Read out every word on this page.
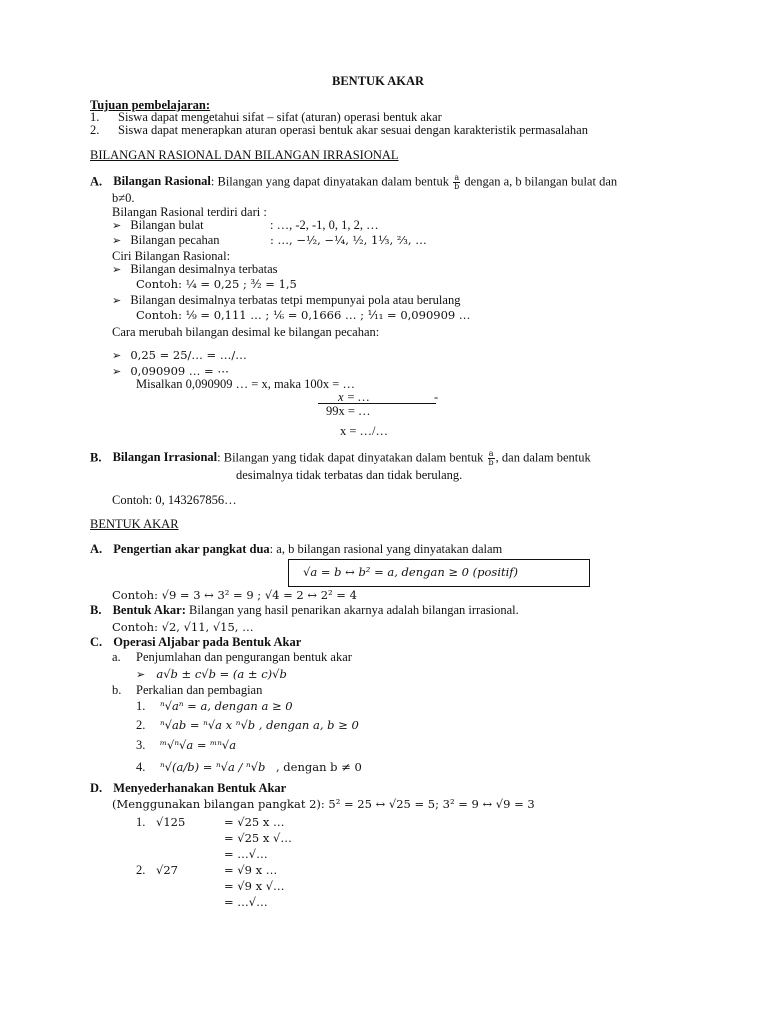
BENTUK AKAR
Tujuan pembelajaran:
1. Siswa dapat mengetahui sifat – sifat (aturan) operasi bentuk akar
2. Siswa dapat menerapkan aturan operasi bentuk akar sesuai dengan karakteristik permasalahan
BILANGAN RASIONAL DAN BILANGAN IRRASIONAL
A. Bilangan Rasional: Bilangan yang dapat dinyatakan dalam bentuk $\frac{a}{b}$ dengan a, b bilangan bulat dan
b≠0.
Bilangan Rasional terdiri dari :
➢ Bilangan bulat	: …, -2, -1, 0, 1, 2, …
➢ Bilangan pecahan	: …, −½, −¼, ½, 1⅓, ⅔, …
Ciri Bilangan Rasional:
➢ Bilangan desimalnya terbatas
Contoh: ¼ = 0,25 ; ³⁄₂ = 1,5
➢ Bilangan desimalnya terbatas tetpi mempunyai pola atau berulang
Contoh: ⅑ = 0,111 … ; ⅙ = 0,1666 … ; ¹⁄₁₁ = 0,090909 …
Cara merubah bilangan desimal ke bilangan pecahan:
➢ 0,25 = 25/… = …/…
➢ 0,090909 … = ⋯
Misalkan 0,090909 … = x, maka 100x = …
x = …	-
99x = …
x = …/…
B. Bilangan Irrasional: Bilangan yang tidak dapat dinyatakan dalam bentuk $\frac{a}{b}$ , dan dalam bentuk
desimalnya tidak terbatas dan tidak berulang.
Contoh: 0, 143267856…
BENTUK AKAR
A. Pengertian akar pangkat dua: a, b bilangan rasional yang dinyatakan dalam
√a = b ↔ b² = a, dengan ≥ 0 (positif)
Contoh: √9 = 3 ↔ 3² = 9 ; √4 = 2 ↔ 2² = 4
B. Bentuk Akar: Bilangan yang hasil penarikan akarnya adalah bilangan irrasional.
Contoh: √2, √11, √15, …
C. Operasi Aljabar pada Bentuk Akar
a. Penjumlahan dan pengurangan bentuk akar
➢ a√b ± c√b = (a ± c)√b
b. Perkalian dan pembagian
1. ⁿ√aⁿ = a, dengan a ≥ 0
2. ⁿ√ab = ⁿ√a x ⁿ√b , dengan a, b ≥ 0
3. ᵐ√ⁿ√a = ᵐⁿ√a
4. ⁿ√(a/b) = ⁿ√a / ⁿ√b , dengan b ≠ 0
D. Menyederhanakan Bentuk Akar
(Menggunakan bilangan pangkat 2): 5² = 25 ↔ √25 = 5; 3² = 9 ↔ √9 = 3
1. √125	= √25 x …
= √25 x √…
= …√…
2. √27	= √9 x …
= √9 x √…
= …√…
